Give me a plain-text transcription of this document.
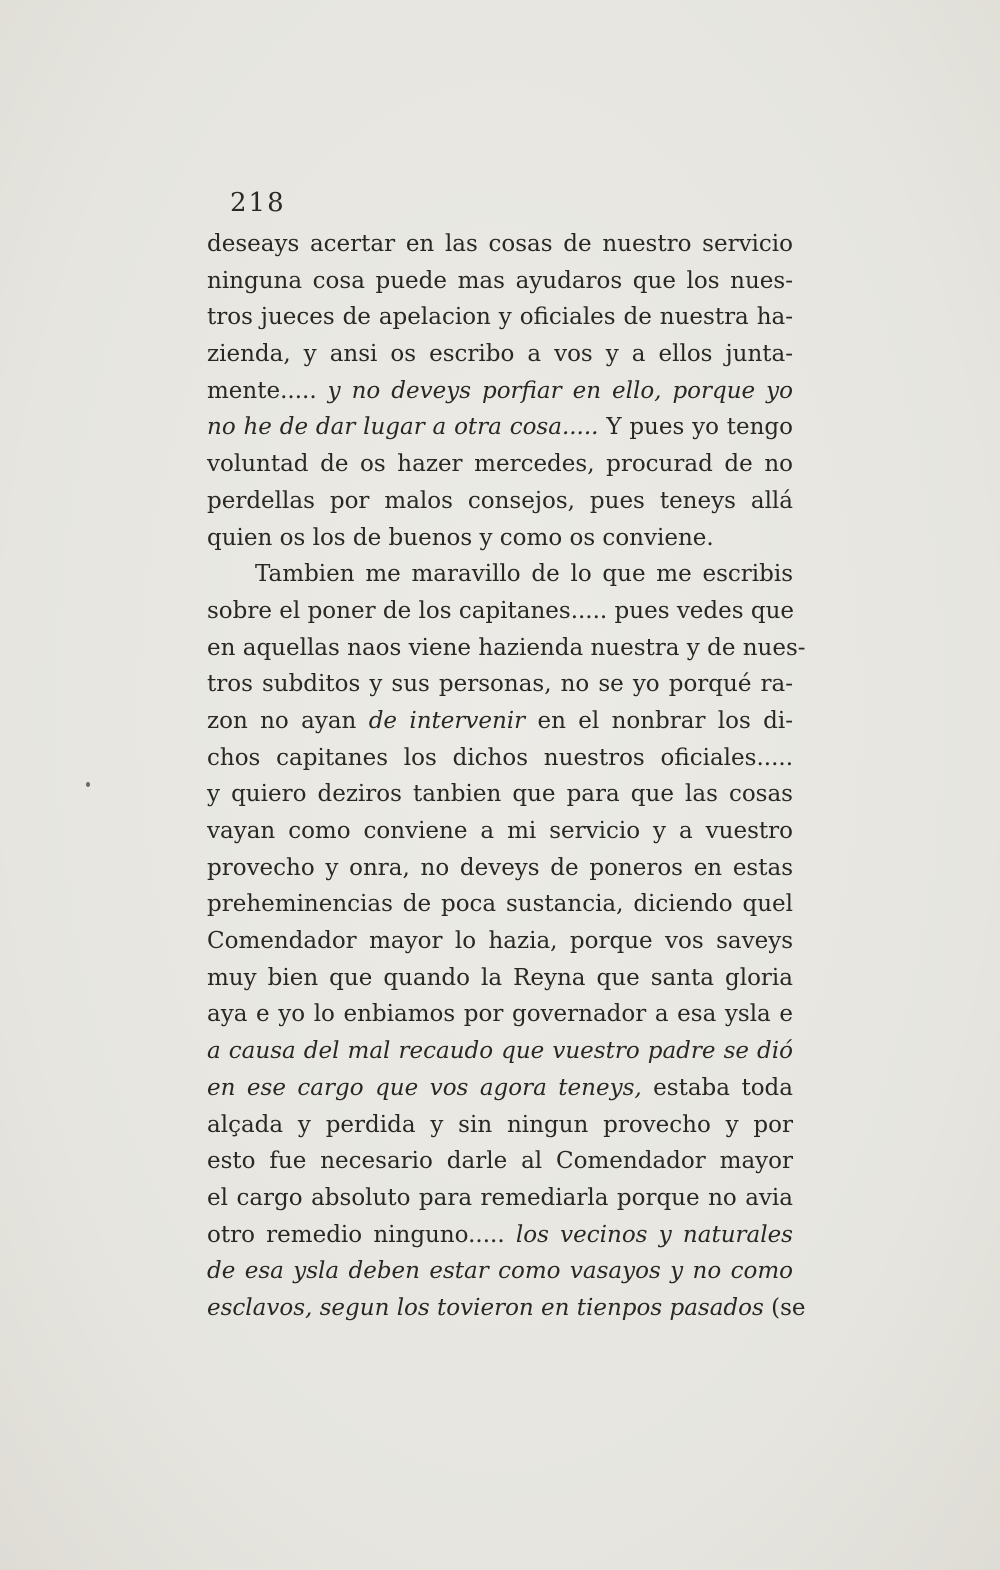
218
deseays acertar en las cosas de nuestro servicio
ninguna cosa puede mas ayudaros que los nues-
tros jueces de apelacion y oficiales de nuestra ha-
zienda, y ansi os escribo a vos y a ellos junta-
mente..... y no deveys porfiar en ello, porque yo
no he de dar lugar a otra cosa..... Y pues yo tengo
voluntad de os hazer mercedes, procurad de no
perdellas por malos consejos, pues teneys allá
quien os los de buenos y como os conviene.
Tambien me maravillo de lo que me escribis
sobre el poner de los capitanes..... pues vedes que
en aquellas naos viene hazienda nuestra y de nues-
tros subditos y sus personas, no se yo porqué ra-
zon no ayan de intervenir en el nonbrar los di-
chos capitanes los dichos nuestros oficiales.....
y quiero deziros tanbien que para que las cosas
vayan como conviene a mi servicio y a vuestro
provecho y onra, no deveys de poneros en estas
preheminencias de poca sustancia, diciendo quel
Comendador mayor lo hazia, porque vos saveys
muy bien que quando la Reyna que santa gloria
aya e yo lo enbiamos por governador a esa ysla e
a causa del mal recaudo que vuestro padre se dió
en ese cargo que vos agora teneys, estaba toda
alçada y perdida y sin ningun provecho y por
esto fue necesario darle al Comendador mayor
el cargo absoluto para remediarla porque no avia
otro remedio ninguno..... los vecinos y naturales
de esa ysla deben estar como vasayos y no como
esclavos, segun los tovieron en tienpos pasados (se
